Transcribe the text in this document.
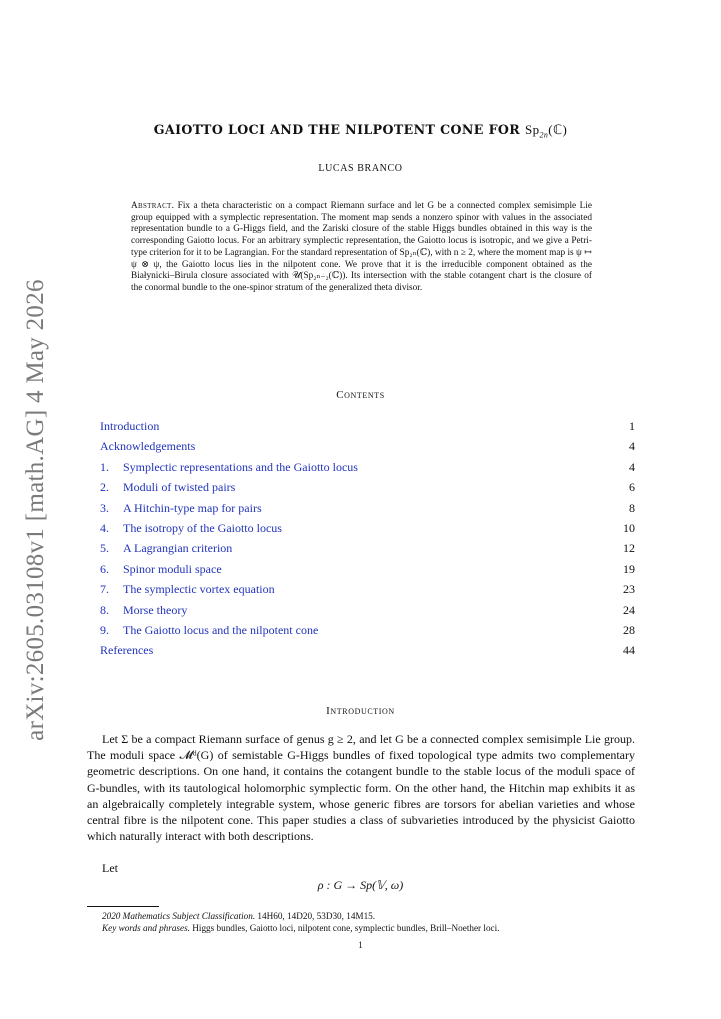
arXiv:2605.03108v1 [math.AG] 4 May 2026
GAIOTTO LOCI AND THE NILPOTENT CONE FOR $Sp_{2n}(ℂ)$
LUCAS BRANCO
Abstract. Fix a theta characteristic on a compact Riemann surface and let G be a connected complex semisimple Lie group equipped with a symplectic representation. The moment map sends a nonzero spinor with values in the associated representation bundle to a G-Higgs field, and the Zariski closure of the stable Higgs bundles obtained in this way is the corresponding Gaiotto locus. For an arbitrary symplectic representation, the Gaiotto locus is isotropic, and we give a Petri-type criterion for it to be Lagrangian. For the standard representation of Sp₂ₙ(ℂ), with n ≥ 2, where the moment map is ψ ↦ ψ ⊗ ψ, the Gaiotto locus lies in the nilpotent cone. We prove that it is the irreducible component obtained as the Białynicki–Birula closure associated with 𝒰(Sp₂ₙ₋₂(ℂ)). Its intersection with the stable cotangent chart is the closure of the conormal bundle to the one-spinor stratum of the generalized theta divisor.
Contents
Introduction	1
Acknowledgements	4
1. Symplectic representations and the Gaiotto locus	4
2. Moduli of twisted pairs	6
3. A Hitchin-type map for pairs	8
4. The isotropy of the Gaiotto locus	10
5. A Lagrangian criterion	12
6. Spinor moduli space	19
7. The symplectic vortex equation	23
8. Morse theory	24
9. The Gaiotto locus and the nilpotent cone	28
References	44
Introduction

Let Σ be a compact Riemann surface of genus g ≥ 2, and let G be a connected complex semisimple Lie group. The moduli space 𝓜ᵈ(G) of semistable G-Higgs bundles of fixed topological type admits two complementary geometric descriptions. On one hand, it contains the cotangent bundle to the stable locus of the moduli space of G-bundles, with its tautological holomorphic symplectic form. On the other hand, the Hitchin map exhibits it as an algebraically completely integrable system, whose generic fibres are torsors for abelian varieties and whose central fibre is the nilpotent cone. This paper studies a class of subvarieties introduced by the physicist Gaiotto which naturally interact with both descriptions.

Let
ρ : G → Sp(𝕍, ω)
2020 Mathematics Subject Classification. 14H60, 14D20, 53D30, 14M15.
Key words and phrases. Higgs bundles, Gaiotto loci, nilpotent cone, symplectic bundles, Brill–Noether loci.
1
